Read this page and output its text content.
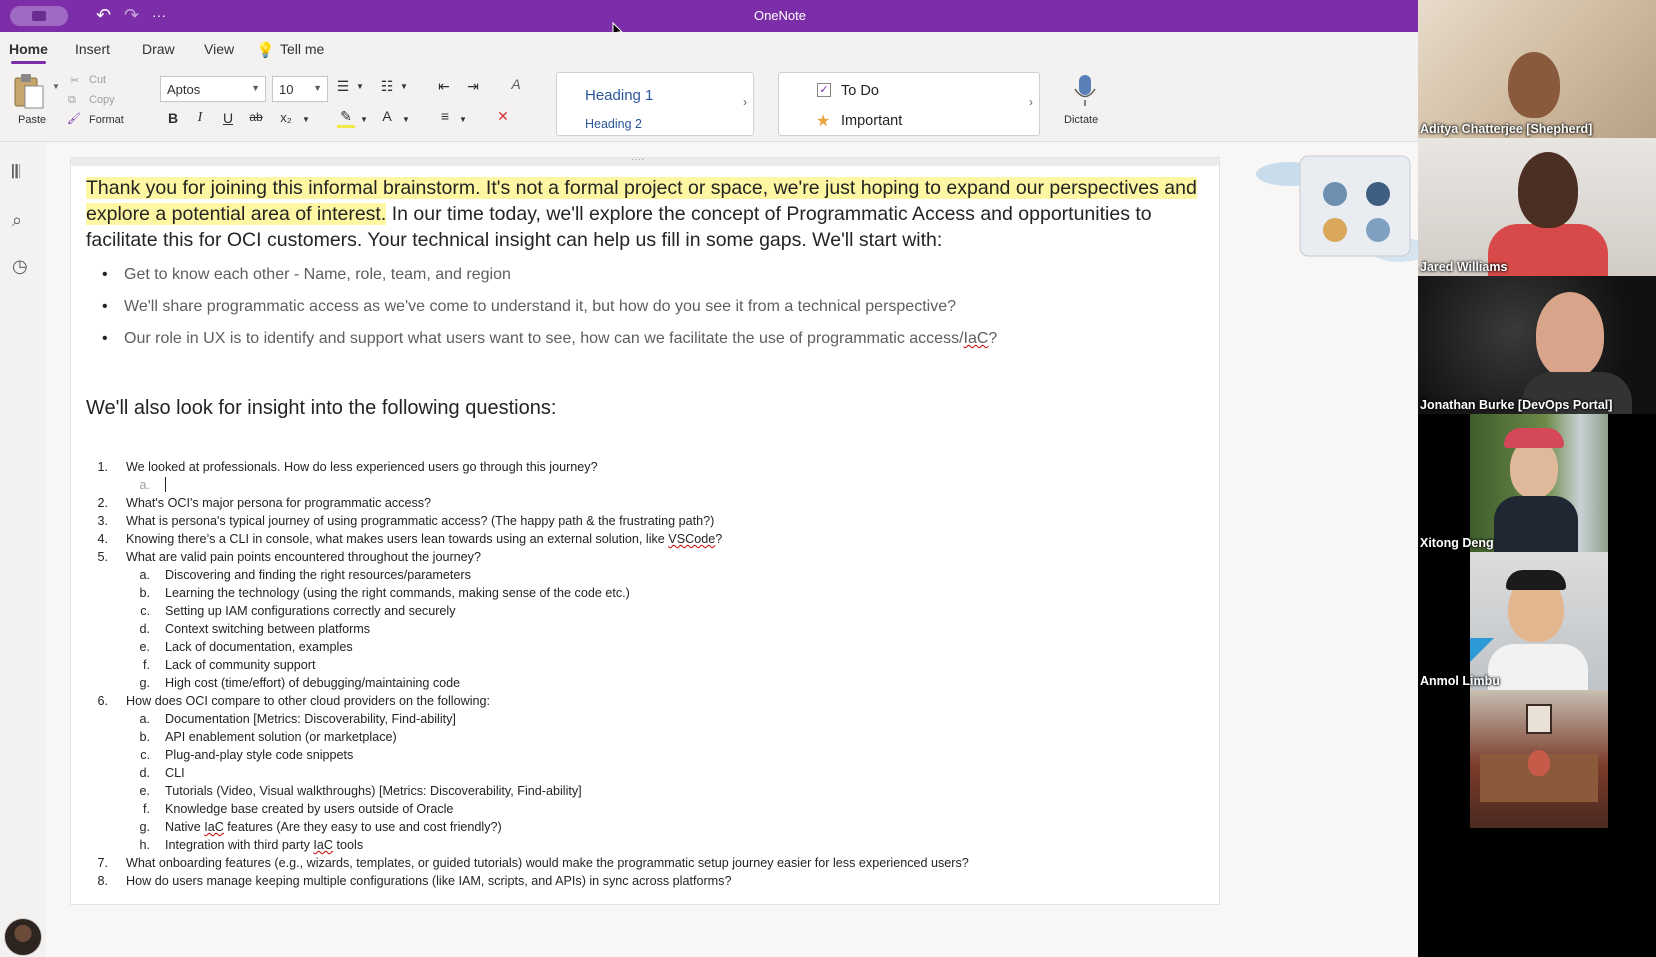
↶ ↷ ···	OneNote
Home Insert Draw View 💡 Tell me
▼
Paste
✂ Cut
⧉ Copy
🖌 Format
Aptos	▼	10 ▼ ☰ ▼ ☷ ▼ ⇤ ⇥	A
B	I	U	ab x₂	▼ ✎	▼	A	▼	≡	▼ ✕
Heading 1
Heading 2
›
✓ To Do
★ Important
›
Dictate
𝄃𝄃
⌕
◷
····
Thank you for joining this informal brainstorm. It's not a formal project or space, we're just hoping to expand our perspectives and explore a potential area of interest. In our time today, we'll explore the concept of Programmatic Access and opportunities to facilitate this for OCI customers. Your technical insight can help us fill in some gaps. We'll start with:
• Get to know each other - Name, role, team, and region
• We'll share programmatic access as we've come to understand it, but how do you see it from a technical perspective?
• Our role in UX is to identify and support what users want to see, how can we facilitate the use of programmatic access/IaC?
We'll also look for insight into the following questions:
1. We looked at professionals. How do less experienced users go through this journey?
a.
2. What's OCI's major persona for programmatic access?
3. What is persona's typical journey of using programmatic access? (The happy path & the frustrating path?)
4. Knowing there’s a CLI in console, what makes users lean towards using an external solution, like VSCode?
5. What are valid pain points encountered throughout the journey?
a. Discovering and finding the right resources/parameters
b. Learning the technology (using the right commands, making sense of the code etc.)
c. Setting up IAM configurations correctly and securely
d. Context switching between platforms
e. Lack of documentation, examples
f. Lack of community support
g. High cost (time/effort) of debugging/maintaining code
6. How does OCI compare to other cloud providers on the following:
a. Documentation [Metrics: Discoverability, Find-ability]
b. API enablement solution (or marketplace)
c. Plug-and-play style code snippets
d. CLI
e. Tutorials (Video, Visual walkthroughs) [Metrics: Discoverability, Find-ability]
f. Knowledge base created by users outside of Oracle
g. Native IaC features (Are they easy to use and cost friendly?)
h. Integration with third party IaC tools
7. What onboarding features (e.g., wizards, templates, or guided tutorials) would make the programmatic setup journey easier for less experienced users?
8. How do users manage keeping multiple configurations (like IAM, scripts, and APIs) in sync across platforms?
Aditya Chatterjee [Shepherd]
Jared Williams
Jonathan Burke [DevOps Portal]
Xitong Deng
Anmol Limbu
